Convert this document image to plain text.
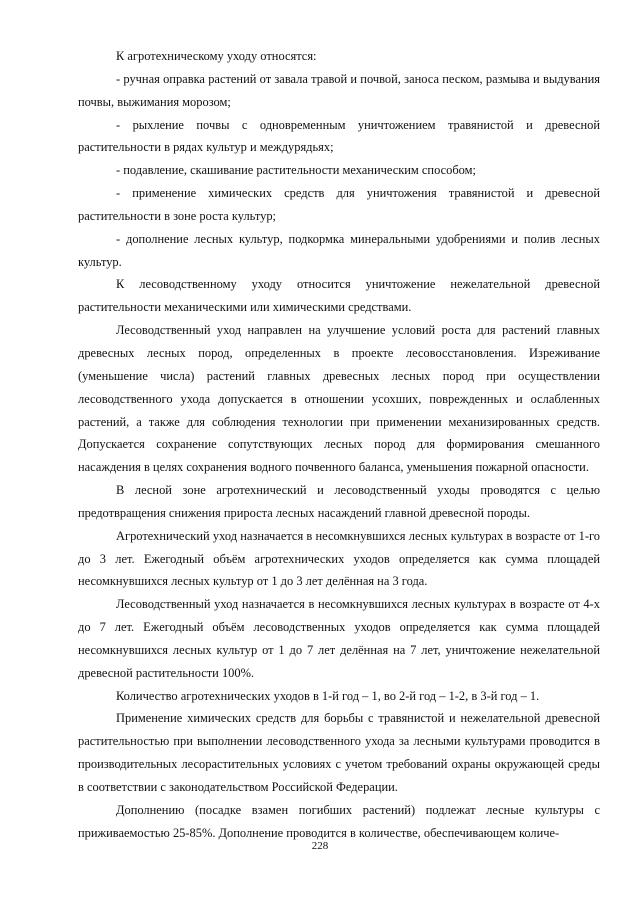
К агротехническому уходу относятся:

- ручная оправка растений от завала травой и почвой, заноса песком, размыва и выдувания почвы, выжимания морозом;

- рыхление почвы с одновременным уничтожением травянистой и древесной растительности в рядах культур и междурядьях;

- подавление, скашивание растительности механическим способом;

- применение химических средств для уничтожения травянистой и древесной растительности в зоне роста культур;

- дополнение лесных культур, подкормка минеральными удобрениями и полив лесных культур.

К лесоводственному уходу относится уничтожение нежелательной древесной растительности механическими или химическими средствами.

Лесоводственный уход направлен на улучшение условий роста для растений главных древесных лесных пород, определенных в проекте лесовосстановления. Изреживание (уменьшение числа) растений главных древесных лесных пород при осуществлении лесоводственного ухода допускается в отношении усохших, поврежденных и ослабленных растений, а также для соблюдения технологии при применении механизированных средств. Допускается сохранение сопутствующих лесных пород для формирования смешанного насаждения в целях сохранения водного почвенного баланса, уменьшения пожарной опасности.

В лесной зоне агротехнический и лесоводственный уходы проводятся с целью предотвращения снижения прироста лесных насаждений главной древесной породы.

Агротехнический уход назначается в несомкнувшихся лесных культурах в возрасте от 1-го до 3 лет. Ежегодный объём агротехнических уходов определяется как сумма площадей несомкнувшихся лесных культур от 1 до 3 лет делённая на 3 года.

Лесоводственный уход назначается в несомкнувшихся лесных культурах в возрасте от 4-х до 7 лет. Ежегодный объём лесоводственных уходов определяется как сумма площадей несомкнувшихся лесных культур от 1 до 7 лет делённая на 7 лет, уничтожение нежелательной древесной растительности 100%.

Количество агротехнических уходов в 1-й год – 1, во 2-й год – 1-2, в 3-й год – 1.

Применение химических средств для борьбы с травянистой и нежелательной древесной растительностью при выполнении лесоводственного ухода за лесными культурами проводится в производительных лесорастительных условиях с учетом требований охраны окружающей среды в соответствии с законодательством Российской Федерации.

Дополнению (посадке взамен погибших растений) подлежат лесные культуры с приживаемостью 25-85%. Дополнение проводится в количестве, обеспечивающем количе-

228
